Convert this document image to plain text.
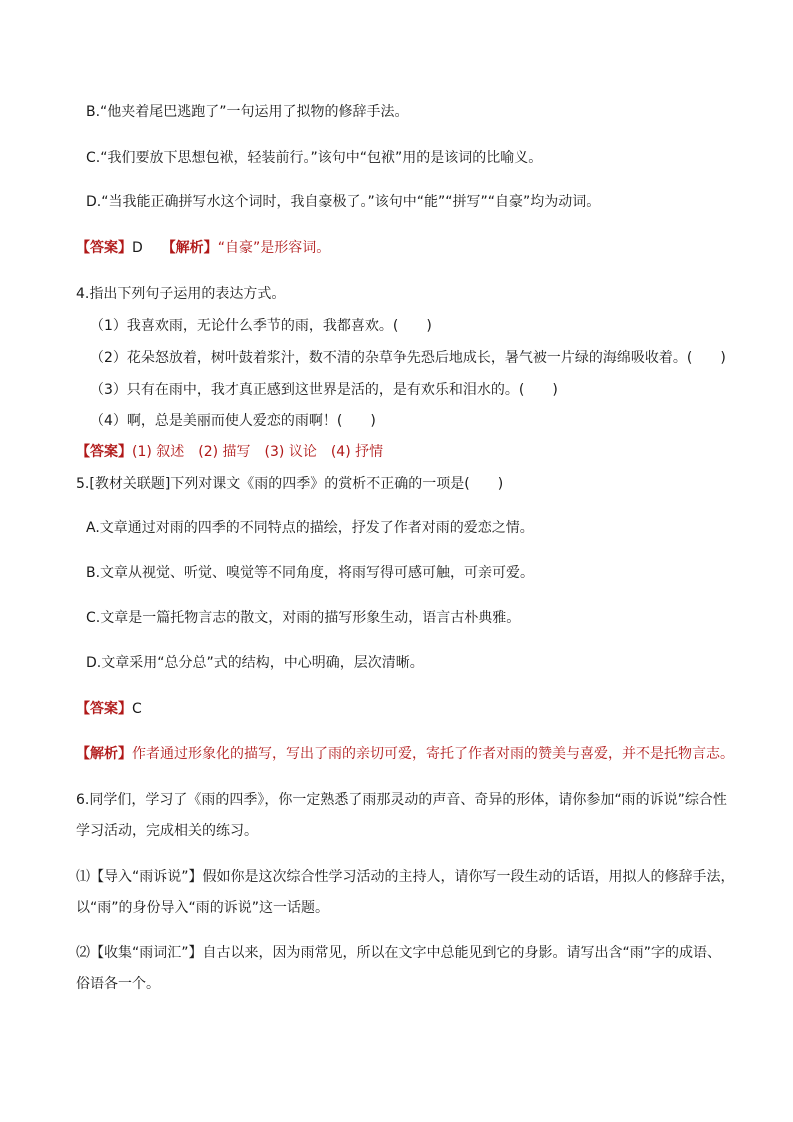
B.“他夹着尾巴逃跑了”一句运用了拟物的修辞手法。
C.“我们要放下思想包袱，轻装前行。”该句中“包袱”用的是该词的比喻义。
D.“当我能正确拼写水这个词时，我自豪极了。”该句中“能”“拼写”“自豪”均为动词。
【答案】D 【解析】“自豪”是形容词。
4.指出下列句子运用的表达方式。
（1）我喜欢雨，无论什么季节的雨，我都喜欢。(　　)
（2）花朵怒放着，树叶鼓着浆汁，数不清的杂草争先恐后地成长，暑气被一片绿的海绵吸收着。(　　)
（3）只有在雨中，我才真正感到这世界是活的，是有欢乐和泪水的。(　　)
（4）啊，总是美丽而使人爱恋的雨啊！(　　)
【答案】(1) 叙述　(2) 描写　(3) 议论　(4) 抒情
5.[教材关联题]下列对课文《雨的四季》的赏析不正确的一项是(　　)
A.文章通过对雨的四季的不同特点的描绘，抒发了作者对雨的爱恋之情。
B.文章从视觉、听觉、嗅觉等不同角度，将雨写得可感可触，可亲可爱。
C.文章是一篇托物言志的散文，对雨的描写形象生动，语言古朴典雅。
D.文章采用“总分总”式的结构，中心明确，层次清晰。
【答案】C
【解析】作者通过形象化的描写，写出了雨的亲切可爱，寄托了作者对雨的赞美与喜爱，并不是托物言志。
6.同学们，学习了《雨的四季》，你一定熟悉了雨那灵动的声音、奇异的形体，请你参加“雨的诉说”综合性
学习活动，完成相关的练习。
⑴【导入“雨诉说”】假如你是这次综合性学习活动的主持人，请你写一段生动的话语，用拟人的修辞手法，
以“雨”的身份导入“雨的诉说”这一话题。
⑵【收集“雨词汇”】自古以来，因为雨常见，所以在文字中总能见到它的身影。请写出含“雨”字的成语、
俗语各一个。
